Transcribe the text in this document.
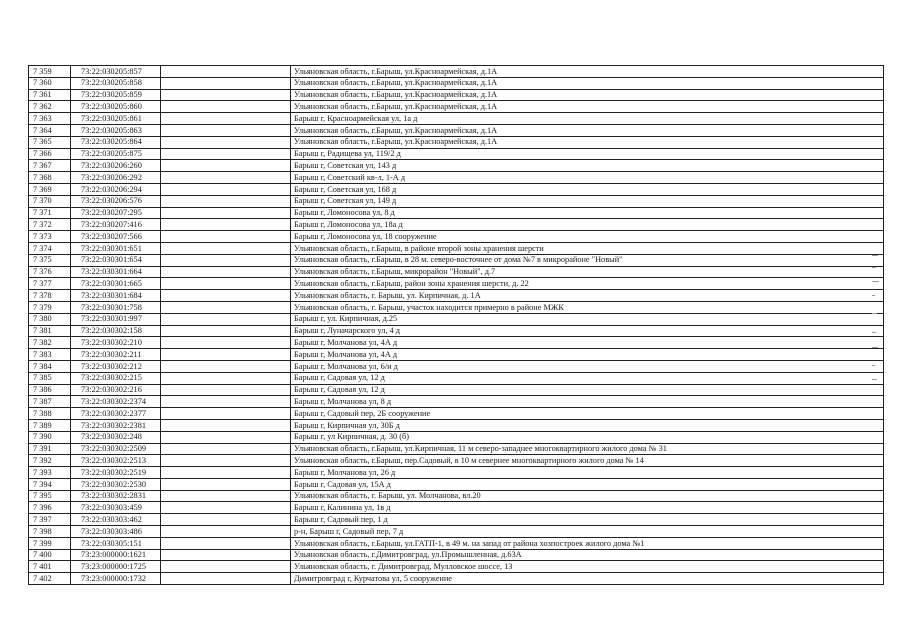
7 359	73:22:030205:857		Ульяновская область, г.Барыш, ул.Красноармейская, д.1А
7 360	73:22:030205:858		Ульяновская область, г.Барыш, ул.Красноармейская, д.1А
7 361	73:22:030205:859		Ульяновская область, г.Барыш, ул.Красноармейская, д.1А
7 362	73:22:030205:860		Ульяновская область, г.Барыш, ул.Красноармейская, д.1А
7 363	73:22:030205:861		Барыш г, Красноармейская ул, 1а д
7 364	73:22:030205:863		Ульяновская область, г.Барыш, ул.Красноармейская, д.1А
7 365	73:22:030205:864		Ульяновская область, г.Барыш, ул.Красноармейская, д.1А
7 366	73:22:030205:875		Барыш г, Радищева ул, 119/2 д
7 367	73:22:030206:260		Барыш г, Советская ул, 143 д
7 368	73:22:030206:292		Барыш г, Советский кв-л, 1-А д
7 369	73:22:030206:294		Барыш г, Советская ул, 168 д
7 370	73:22:030206:576		Барыш г, Советская ул, 149 д
7 371	73:22:030207:295		Барыш г, Ломоносова ул, 8 д
7 372	73:22:030207:416		Барыш г, Ломоносова ул, 18а д
7 373	73:22:030207:566		Барыш г, Ломоносова ул, 18 сооружение
7 374	73:22:030301:651		Ульяновская область, г.Барыш, в районе второй зоны хранения шерсти
7 375	73:22:030301:654		Ульяновская область, г.Барыш, в 28 м. северо-восточнее от дома №7 в микрорайоне "Новый"
7 376	73:22:030301:664		Ульяновская область, г.Барыш, микрорайон "Новый", д.7
7 377	73:22:030301:665		Ульяновская область, г.Барыш, район зоны хранения шерсти, д. 22
7 378	73:22:030301:684		Ульяновская область, г. Барыш, ул. Кирпичная, д. 1А
7 379	73:22:030301:758		Ульяновская область, г. Барыш, участок находится примерно в районе МЖК
7 380	73:22:030301:997		Барыш г, ул. Кирпичная, д.25
7 381	73:22:030302:158		Барыш г, Луначарского ул, 4 д
7 382	73:22:030302:210		Барыш г, Молчанова ул, 4А д
7 383	73:22:030302:211		Барыш г, Молчанова ул, 4А д
7 384	73:22:030302:212		Барыш г, Молчанова ул, 6/и д
7 385	73:22:030302:215		Барыш г, Садовая ул, 12 д
7 386	73:22:030302:216		Барыш г, Садовая ул, 12 д
7 387	73:22:030302:2374		Барыш г, Молчанова ул, 8 д
7 388	73:22:030302:2377		Барыш г, Садовый пер, 2Б сооружение
7 389	73:22:030302:2381		Барыш г, Кирпичная ул, 30Б д
7 390	73:22:030302:248		Барыш г, ул Кирпичная, д. 30 (б)
7 391	73:22:030302:2509		Ульяновская область, г.Барыш, ул.Кирпичная, 11 м северо-западнее многоквартирного жилого дома № 31
7 392	73:22:030302:2513		Ульяновская область, г.Барыш, пер.Садовый, в 10 м севернее многоквартирного жилого дома № 14
7 393	73:22:030302:2519		Барыш г, Молчанова ул, 26 д
7 394	73:22:030302:2530		Барыш г, Садовая ул, 15А д
7 395	73:22:030302:2831		Ульяновская область, г. Барыш, ул. Молчанова, вл.20
7 396	73:22:030303:459		Барыш г, Калинина ул, 1в д
7 397	73:22:030303:462		Барыш г, Садовый пер, 1 д
7 398	73:22:030303:486		р-н, Барыш г, Садовый пер, 7 д
7 399	73:22:030305:151		Ульяновская область, г.Барыш, ул.ГАТП-1, в 49 м. на запад от района хозпостроек жилого дома №1
7 400	73:23:000000:1621		Ульяновская область, г.Димитровград, ул.Промышленная, д.63А
7 401	73:23:000000:1725		Ульяновская область, г. Димитровград, Мулловское шоссе, 13
7 402	73:23:000000:1732		Димитровград г, Курчатова ул, 5 сооружение
